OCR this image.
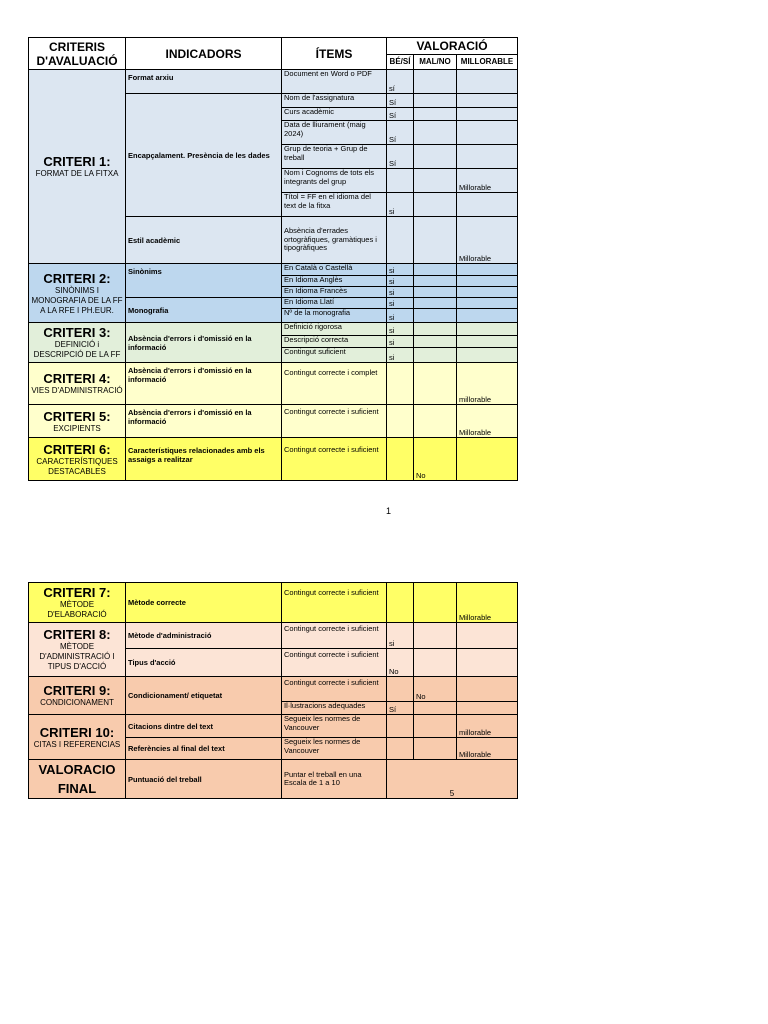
CRITERIS
D'AVALUACIÓ	INDICADORS	ÍTEMS	VALORACIÓ		
			BÉ/SÍ	MAL/NO	MILLORABLE

CRITERI 1:
FORMAT DE LA FITXA	Format arxiu	Document en Word o PDF	sí		
	Encapçalament. Presència de les dades	Nom de l'assignatura	Sí		
		Curs acadèmic	Sí		
		Data de lliurament (maig 2024)	Sí		
		Grup de teoria + Grup de treball	Sí		
		Nom i Cognoms de tots els integrants del grup			Millorable
		Títol = FF en el idioma del text de la fitxa	si		
	Estil acadèmic	Absència d'errades ortogràfiques, gramàtiques i tipogràfiques			Millorable

CRITERI 2:
SINÒNIMS I MONOGRAFIA DE LA FF A LA RFE I PH.EUR.	Sinònims	En Català o Castellà	si		
		En Idioma Anglès	si		
		En Idioma Francès	si		
	Monografia	En Idioma Llatí	si		
		Nº de la monografia	si		

CRITERI 3:
DEFINICIÓ i DESCRIPCIÓ DE LA FF	Absència d'errors i d'omissió en la informació	Definició rigorosa	si		
		Descripció correcta	si		
		Contingut suficient	si		

CRITERI 4:
VIES D'ADMINISTRACIÓ	Absència d'errors i d'omissió en la informació	Contingut correcte i complet			millorable

CRITERI 5:
EXCIPIENTS	Absència d'errors i d'omissió en la informació	Contingut correcte i suficient			Millorable

CRITERI 6:
CARACTERÍSTIQUES DESTACABLES	Característiques relacionades amb els assaigs a realitzar	Contingut correcte i suficient		No	
1
CRITERI 7:
MÈTODE D'ELABORACIÓ	Mètode correcte	Contingut correcte i suficient			Millorable

CRITERI 8:
MÈTODE D'ADMINISTRACIÓ I TIPUS D'ACCIÓ	Mètode d'administració	Contingut correcte i suficient	si		
	Tipus d'acció	Contingut correcte i suficient	No		

CRITERI 9:
CONDICIONAMENT	Condicionament/ etiquetat	Contingut correcte i suficient		No	
		Il·lustracions adequades	Sí		

CRITERI 10:
CITAS I REFERENCIAS	Citacions dintre del text	Segueix les normes de Vancouver			millorable
	Referències al final del text	Segueix les normes de Vancouver			Millorable

VALORACIO FINAL	Puntuació del treball	Puntar el treball en una Escala de 1 a 10	5		
